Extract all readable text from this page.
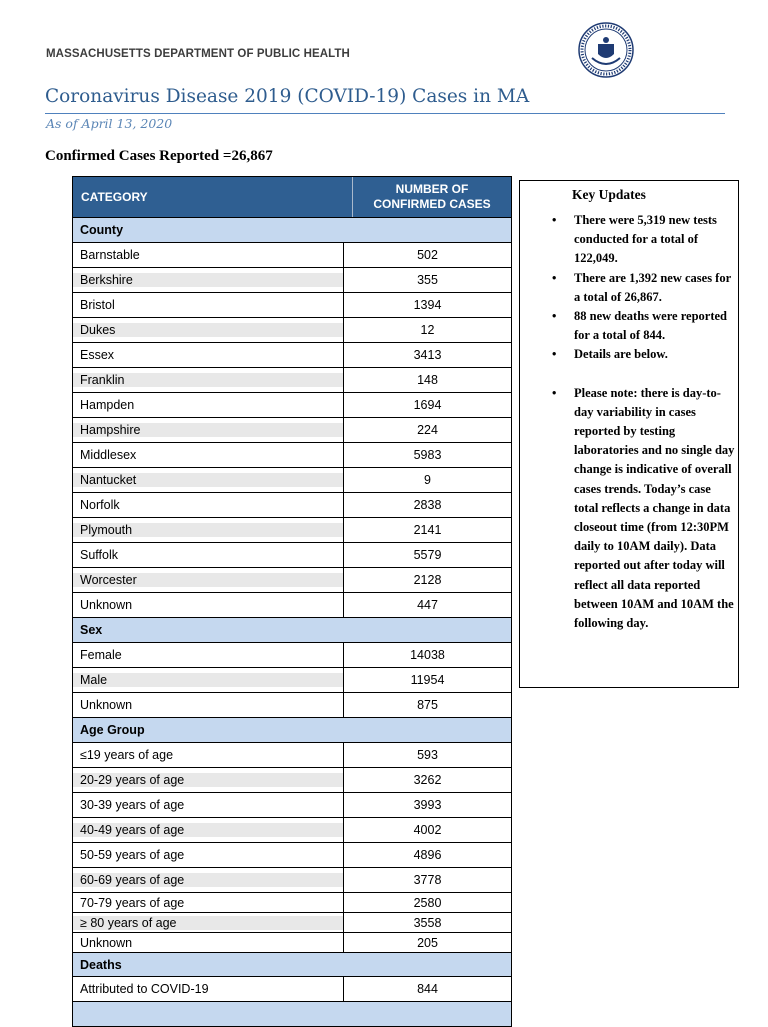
MASSACHUSETTS DEPARTMENT OF PUBLIC HEALTH
Coronavirus Disease 2019 (COVID-19) Cases in MA
As of April 13, 2020
Confirmed Cases Reported =26,867
CATEGORY
NUMBER OF
CONFIRMED CASES
County
Barnstable	502
Berkshire	355
Bristol	1394
Dukes	12
Essex	3413
Franklin	148
Hampden	1694
Hampshire	224
Middlesex	5983
Nantucket	9
Norfolk	2838
Plymouth	2141
Suffolk	5579
Worcester	2128
Unknown	447
Sex
Female	14038
Male	11954
Unknown	875
Age Group
≤19 years of age	593
20-29 years of age	3262
30-39 years of age	3993
40-49 years of age	4002
50-59 years of age	4896
60-69 years of age	3778
70-79 years of age	2580
≥ 80 years of age	3558
Unknown	205
Deaths
Attributed to COVID-19	844
Key Updates
• There were 5,319 new tests conducted for a total of 122,049.
• There are 1,392 new cases for a total of 26,867.
• 88 new deaths were reported for a total of 844.
• Details are below.
• Please note: there is day-to-day variability in cases reported by testing laboratories and no single day change is indicative of overall cases trends. Today’s case total reflects a change in data closeout time (from 12:30PM daily to 10AM daily). Data reported out after today will reflect all data reported between 10AM and 10AM the following day.
